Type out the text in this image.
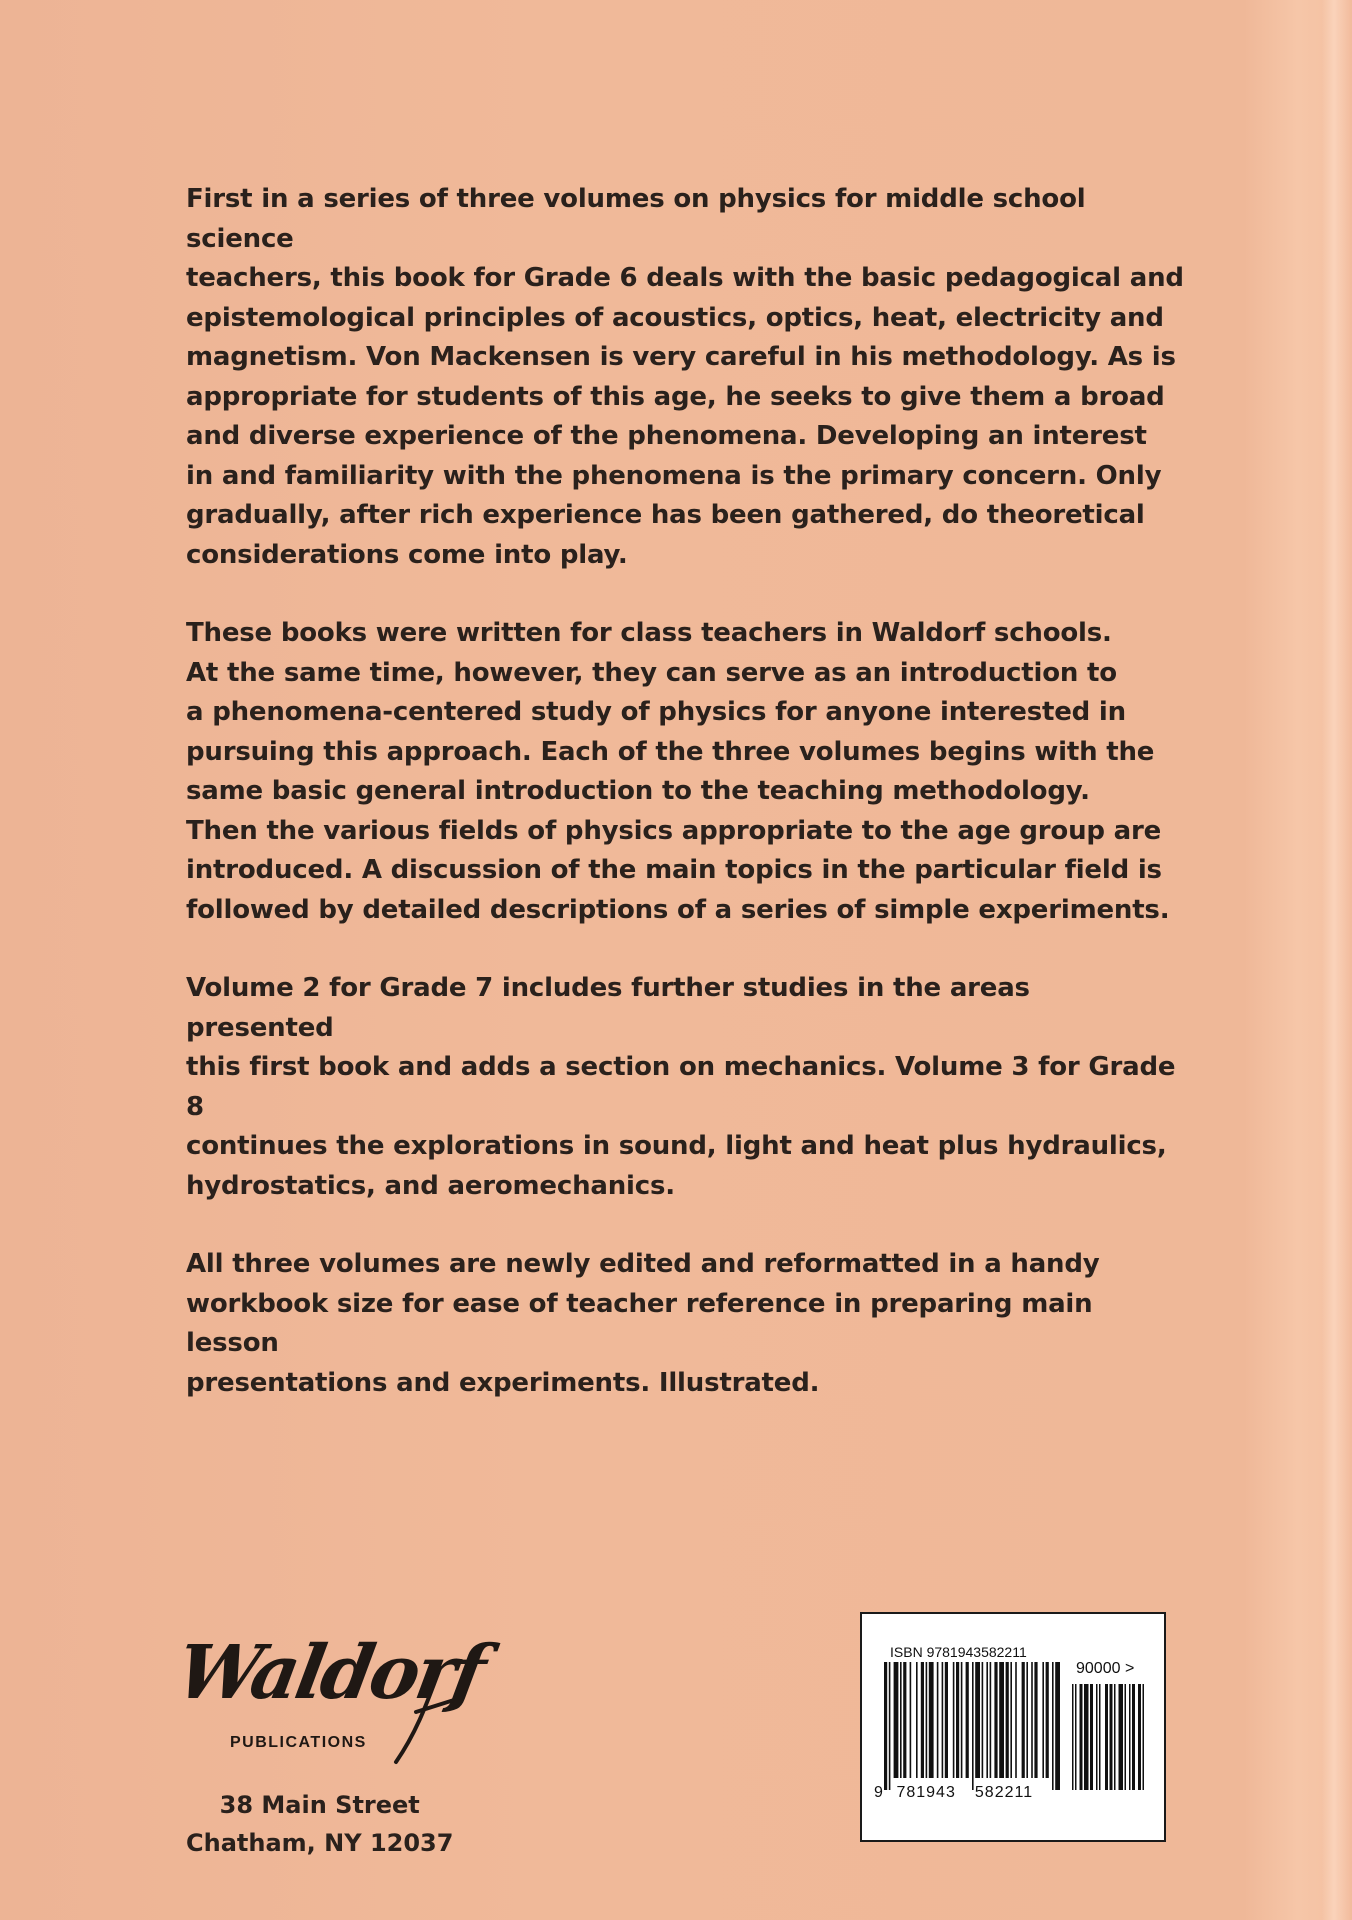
First in a series of three volumes on physics for middle school science
teachers, this book for Grade 6 deals with the basic pedagogical and
epistemological principles of acoustics, optics, heat, electricity and
magnetism. Von Mackensen is very careful in his methodology. As is
appropriate for students of this age, he seeks to give them a broad
and diverse experience of the phenomena. Developing an interest
in and familiarity with the phenomena is the primary concern. Only
gradually, after rich experience has been gathered, do theoretical
considerations come into play.

These books were written for class teachers in Waldorf schools.
At the same time, however, they can serve as an introduction to
a phenomena-centered study of physics for anyone interested in
pursuing this approach. Each of the three volumes begins with the
same basic general introduction to the teaching methodology.
Then the various fields of physics appropriate to the age group are
introduced. A discussion of the main topics in the particular field is
followed by detailed descriptions of a series of simple experiments.

Volume 2 for Grade 7 includes further studies in the areas presented
this first book and adds a section on mechanics. Volume 3 for Grade 8
continues the explorations in sound, light and heat plus hydraulics,
hydrostatics, and aeromechanics.

All three volumes are newly edited and reformatted in a handy
workbook size for ease of teacher reference in preparing main lesson
presentations and experiments. Illustrated.

Waldorf
PUBLICATIONS
38 Main Street
Chatham, NY 12037
ISBN 9781943582211
90000 >
9 781943 582211
